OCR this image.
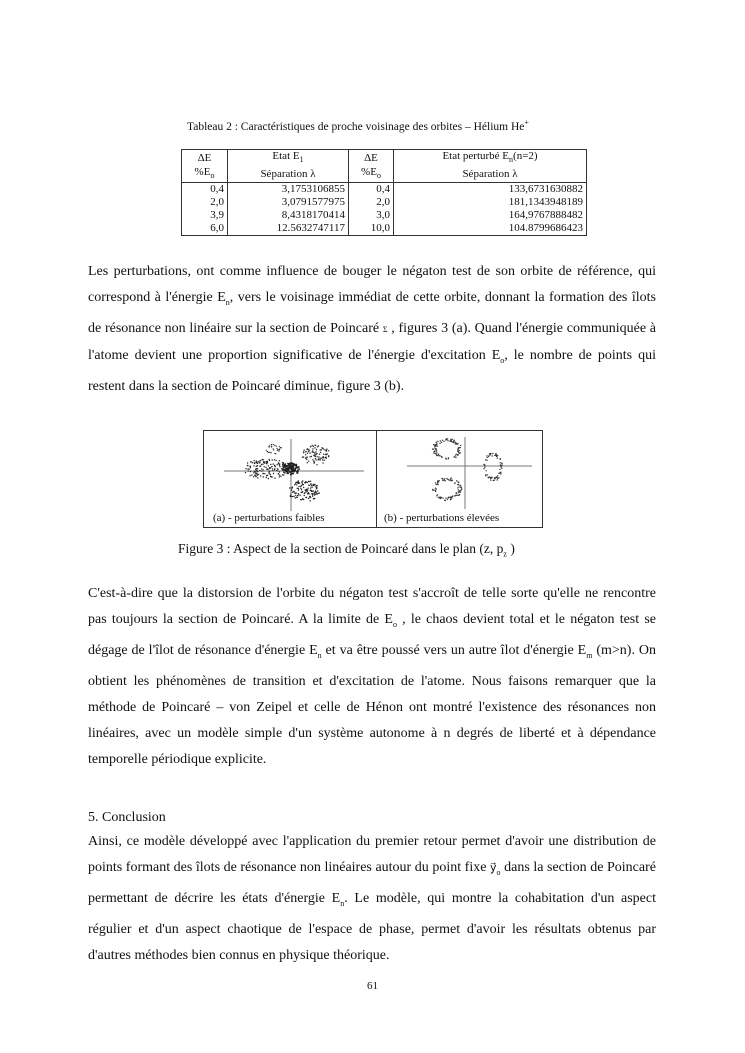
Tableau 2 : Caractéristiques de proche voisinage des orbites – Hélium He+
ΔE	Etat $E_1$	ΔE	Etat perturbé $E_n(n=2)$
$\%E_o$	Séparation λ	$\%E_o$	Séparation λ
0,4	3,1753106855	0,4	133,6731630882
2,0	3,0791577975	2,0	181,1343948189
3,9	8,4318170414	3,0	164,9767888482
6,0	12.5632747117	10,0	104.8799686423

Les perturbations, ont comme influence de bouger le négaton test de son orbite de référence, qui correspond à l'énergie $E_n$, vers le voisinage immédiat de cette orbite, donnant la formation des îlots de résonance non linéaire sur la section de Poincaré Σ , figures 3 (a). Quand l'énergie communiquée à l'atome devient une proportion significative de l'énergie d'excitation $E_o$, le nombre de points qui restent dans la section de Poincaré diminue, figure 3 (b).

(a) - perturbations faibles	(b) - perturbations élevées
Figure 3 : Aspect de la section de Poincaré dans le plan (z, $p_z$ )

C'est-à-dire que la distorsion de l'orbite du négaton test s'accroît de telle sorte qu'elle ne rencontre pas toujours la section de Poincaré. A la limite de $E_o$ , le chaos devient total et le négaton test se dégage de l'îlot de résonance d'énergie $E_n$ et va être poussé vers un autre îlot d'énergie $E_m$ (m>n). On obtient les phénomènes de transition et d'excitation de l'atome. Nous faisons remarquer que la méthode de Poincaré – von Zeipel et celle de Hénon ont montré l'existence des résonances non linéaires, avec un modèle simple d'un système autonome à n degrés de liberté et à dépendance temporelle périodique explicite.

5. Conclusion

Ainsi, ce modèle développé avec l'application du premier retour permet d'avoir une distribution de points formant des îlots de résonance non linéaires autour du point fixe $y⃗_o$ dans la section de Poincaré permettant de décrire les états d'énergie $E_n$. Le modèle, qui montre la cohabitation d'un aspect régulier et d'un aspect chaotique de l'espace de phase, permet d'avoir les résultats obtenus par d'autres méthodes bien connus en physique théorique.

61
